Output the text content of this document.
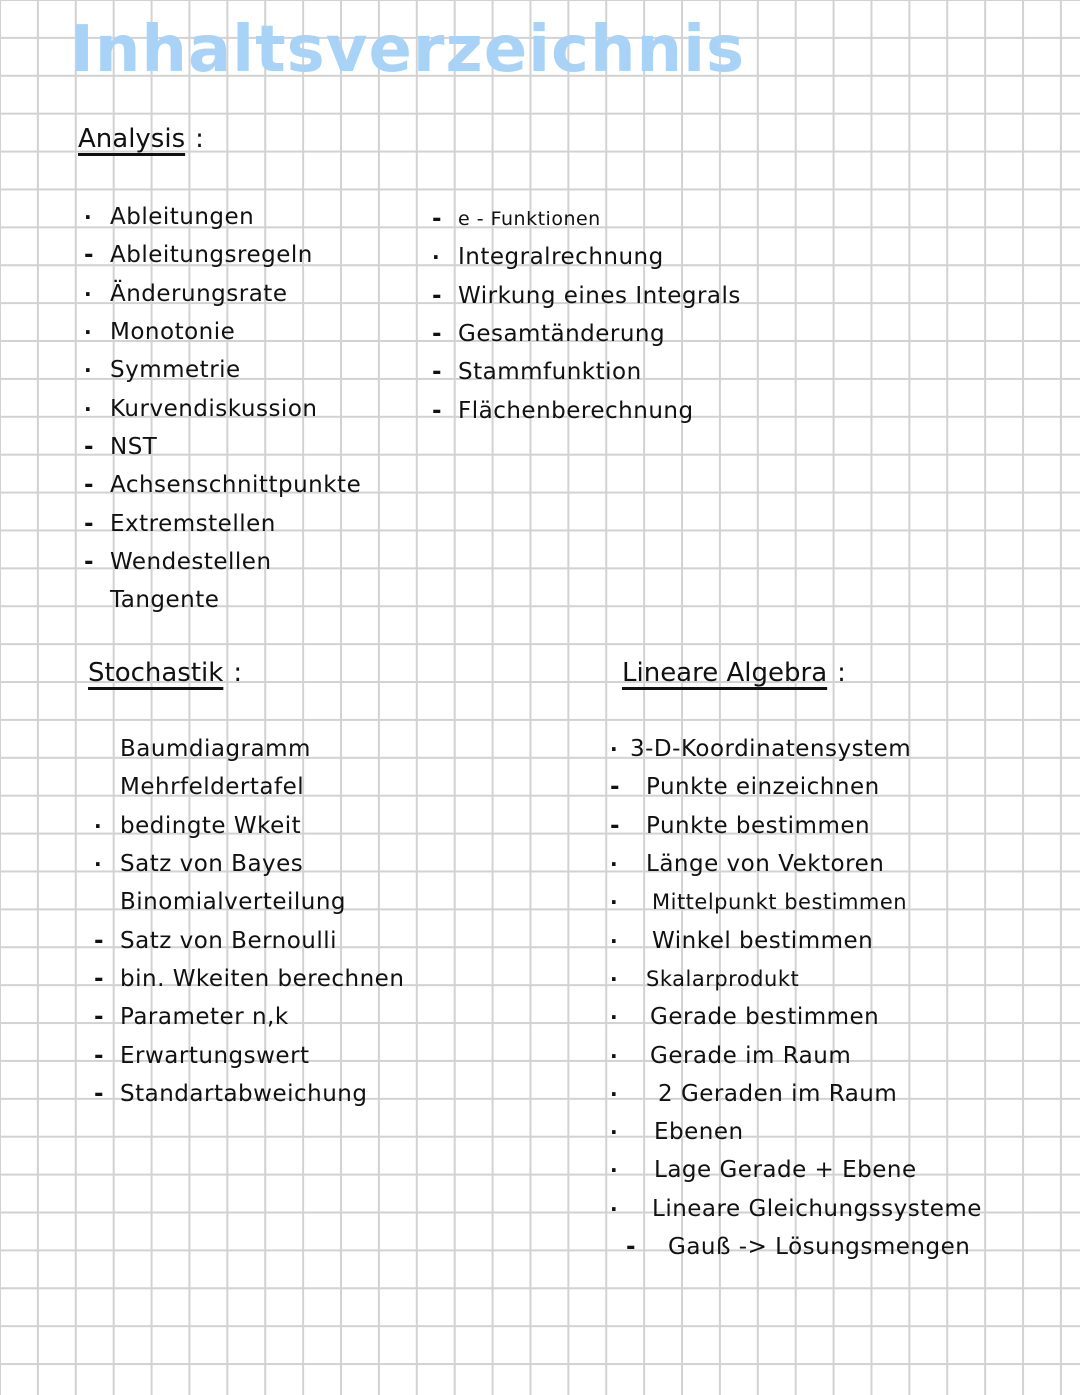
Inhaltsverzeichnis
Analysis :
· Ableitungen
- Ableitungsregeln
· Änderungsrate
· Monotonie
· Symmetrie
· Kurvendiskussion
- NST
- Achsenschnittpunkte
- Extremstellen
- Wendestellen
Tangente
- e - Funktionen
· Integralrechnung
- Wirkung eines Integrals
- Gesamtänderung
- Stammfunktion
- Flächenberechnung
Stochastik :
Baumdiagramm
Mehrfeldertafel
· bedingte Wkeit
· Satz von Bayes
Binomialverteilung
- Satz von Bernoulli
- bin. Wkeiten berechnen
- Parameter n,k
- Erwartungswert
- Standartabweichung
Lineare Algebra :
· 3-D-Koordinatensystem
-	Punkte einzeichnen
-	Punkte bestimmen
·	Länge von Vektoren
·	Mittelpunkt bestimmen
·	Winkel bestimmen
·	Skalarprodukt
·	Gerade bestimmen
·	Gerade im Raum
·	2 Geraden im Raum
·	Ebenen
·	Lage Gerade + Ebene
·	Lineare Gleichungssysteme
-	Gauß -> Lösungsmengen
